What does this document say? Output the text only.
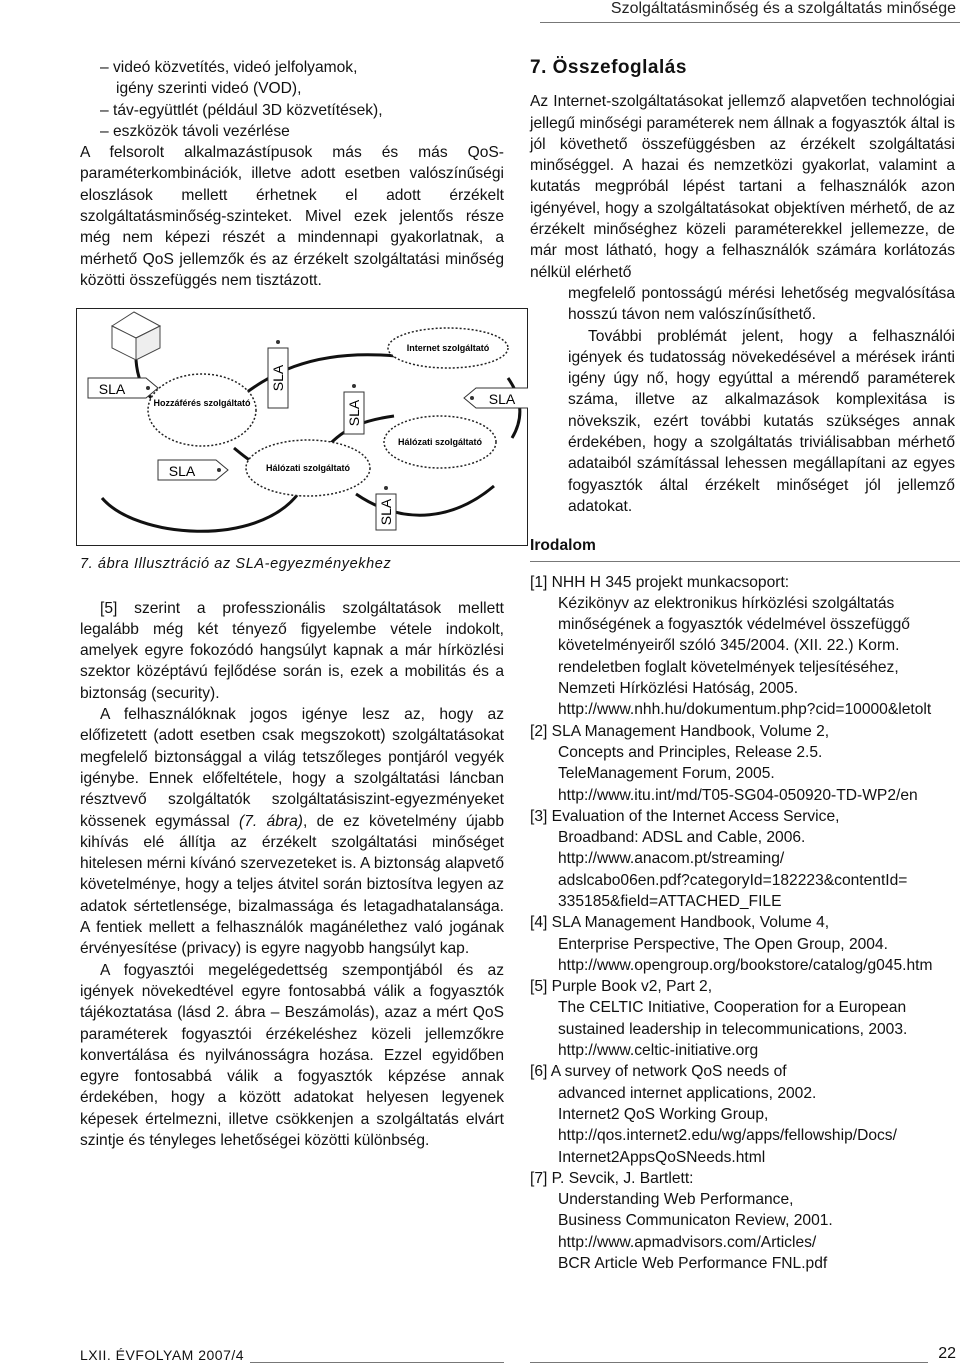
Szolgáltatásminőség és a szolgáltatás minősége
– videó közvetítés, videó jelfolyamok,
igény szerinti videó (VOD),
– táv-együttlét (például 3D közvetítések),
– eszközök távoli vezérlése

A felsorolt alkalmazástípusok más és más QoS-paraméterkombinációk, illetve adott esetben valószínűségi eloszlások mellett érhetnek el adott érzékelt szolgáltatásminőség-szinteket. Mivel ezek jelentős része még nem képezi részét a mindennapi gyakorlatnak, a mérhető QoS jellemzők és az érzékelt szolgáltatási minőség közötti összefüggés nem tisztázott.

Hozzáférés szolgáltató
Internet szolgáltató
Hálózati szolgáltató
Hálózati szolgáltató
SLA
SLA
SLA
SLA
SLA
SLA
7. ábra Illusztráció az SLA-egyezményekhez

[5] szerint a professzionális szolgáltatások mellett legalább még két tényező figyelembe vétele indokolt, amelyek egyre fokozódó hangsúlyt kapnak a már hírközlési szektor középtávú fejlődése során is, ezek a mobilitás és a biztonság (security).

A felhasználóknak jogos igénye lesz az, hogy az előfizetett (adott esetben csak megszokott) szolgáltatásokat megfelelő biztonsággal a világ tetszőleges pontjáról vegyék igénybe. Ennek előfeltétele, hogy a szolgáltatási láncban résztvevő szolgáltatók szolgáltatásiszint-egyezményeket kössenek egymással (7. ábra), de ez követelmény újabb kihívás elé állítja az érzékelt szolgáltatási minőséget hitelesen mérni kívánó szervezeteket is. A biztonság alapvető követelménye, hogy a teljes átvitel során biztosítva legyen az adatok sértetlensége, bizalmassága és letagadhatalansága. A fentiek mellett a felhasználók magánélethez való jogának érvényesítése (privacy) is egyre nagyobb hangsúlyt kap.

A fogyasztói megelégedettség szempontjából és az igények növekedtével egyre fontosabbá válik a fogyasztók tájékoztatása (lásd 2. ábra – Beszámolás), azaz a mért QoS paraméterek fogyasztói érzékeléshez közeli jellemzőkre konvertálása és nyilvánosságra hozása. Ezzel egyidőben egyre fontosabbá válik a fogyasztók képzése annak érdekében, hogy a között adatokat helyesen legyenek képesek értelmezni, illetve csökkenjen a szolgáltatás elvárt szintje és tényleges lehetőségei közötti különbség.

7. Összefoglalás

Az Internet-szolgáltatásokat jellemző alapvetően technológiai jellegű minőségi paraméterek nem állnak a fogyasztók által is jól követhető összefüggésben az érzékelt szolgáltatási minőséggel. A hazai és nemzetközi gyakorlat, valamint a kutatás megpróbál lépést tartani a felhasználók azon igényével, hogy a szolgáltatásokat objektíven mérhető, de az érzékelt minőséghez közeli paraméterekkel jellemezze, de már most látható, hogy a felhasználók számára korlátozás nélkül elérhető

megfelelő pontosságú mérési lehetőség megvalósítása hosszú távon nem valószínűsíthető.

További problémát jelent, hogy a felhasználói igények és tudatosság növekedésével a mérések iránti igény úgy nő, hogy egyúttal a mérendő paraméterek száma, illetve az alkalmazások komplexitása is növekszik, ezért további kutatás szükséges annak érdekében, hogy a szolgáltatás triviálisabban mérhető adataiból számítással lehessen megállapítani az egyes fogyasztók által érzékelt minőséget jól jellemző adatokat.

Irodalom
[1] NHH H 345 projekt munkacsoport:
Kézikönyv az elektronikus hírközlési szolgáltatás
minőségének a fogyasztók védelmével összefüggő
követelményeiről szóló 345/2004. (XII. 22.) Korm.
rendeletben foglalt követelmények teljesítéséhez,
Nemzeti Hírközlési Hatóság, 2005.
http://www.nhh.hu/dokumentum.php?cid=10000&letolt
[2] SLA Management Handbook, Volume 2,
Concepts and Principles, Release 2.5.
TeleManagement Forum, 2005.
http://www.itu.int/md/T05-SG04-050920-TD-WP2/en
[3] Evaluation of the Internet Access Service,
Broadband: ADSL and Cable, 2006.
http://www.anacom.pt/streaming/
adslcabo06en.pdf?categoryId=182223&contentId=
335185&field=ATTACHED_FILE
[4] SLA Management Handbook, Volume 4,
Enterprise Perspective, The Open Group, 2004.
http://www.opengroup.org/bookstore/catalog/g045.htm
[5] Purple Book v2, Part 2,
The CELTIC Initiative, Cooperation for a European
sustained leadership in telecommunications, 2003.
http://www.celtic-initiative.org
[6] A survey of network QoS needs of
advanced internet applications, 2002.
Internet2 QoS Working Group,
http://qos.internet2.edu/wg/apps/fellowship/Docs/
Internet2AppsQoSNeeds.html
[7] P. Sevcik, J. Bartlett:
Understanding Web Performance,
Business Communicaton Review, 2001.
http://www.apmadvisors.com/Articles/
BCR Article Web Performance FNL.pdf
LXII. ÉVFOLYAM 2007/4	22
